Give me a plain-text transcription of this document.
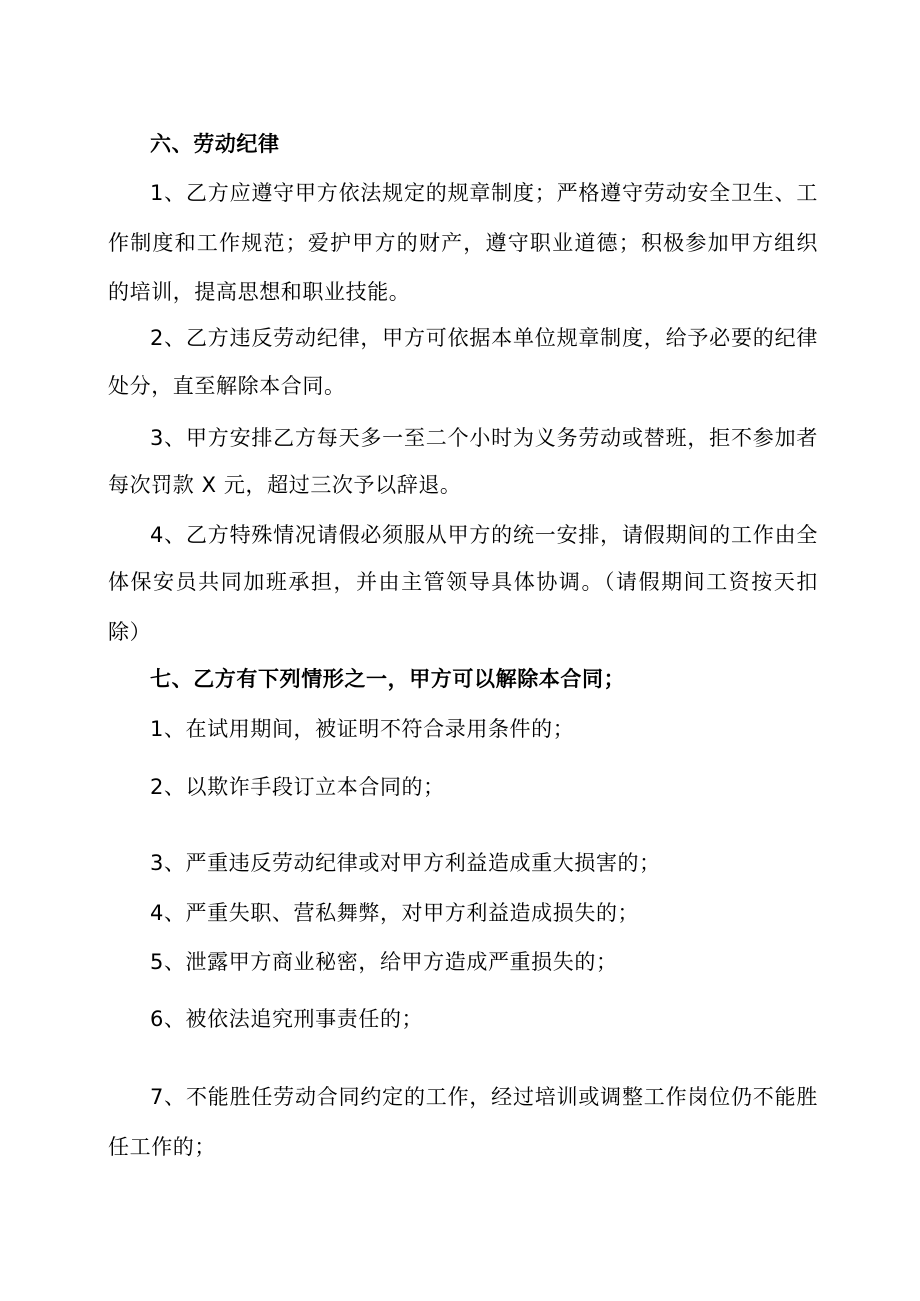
六、劳动纪律
1、乙方应遵守甲方依法规定的规章制度；严格遵守劳动安全卫生、工
作制度和工作规范；爱护甲方的财产，遵守职业道德；积极参加甲方组织
的培训，提高思想和职业技能。
2、乙方违反劳动纪律，甲方可依据本单位规章制度，给予必要的纪律
处分，直至解除本合同。
3、甲方安排乙方每天多一至二个小时为义务劳动或替班，拒不参加者
每次罚款 X 元，超过三次予以辞退。
4、乙方特殊情况请假必须服从甲方的统一安排，请假期间的工作由全
体保安员共同加班承担，并由主管领导具体协调。（请假期间工资按天扣
除）
七、乙方有下列情形之一，甲方可以解除本合同；
1、在试用期间，被证明不符合录用条件的；
2、以欺诈手段订立本合同的；
3、严重违反劳动纪律或对甲方利益造成重大损害的；
4、严重失职、营私舞弊，对甲方利益造成损失的；
5、泄露甲方商业秘密，给甲方造成严重损失的；
6、被依法追究刑事责任的；
7、不能胜任劳动合同约定的工作，经过培训或调整工作岗位仍不能胜
任工作的；
